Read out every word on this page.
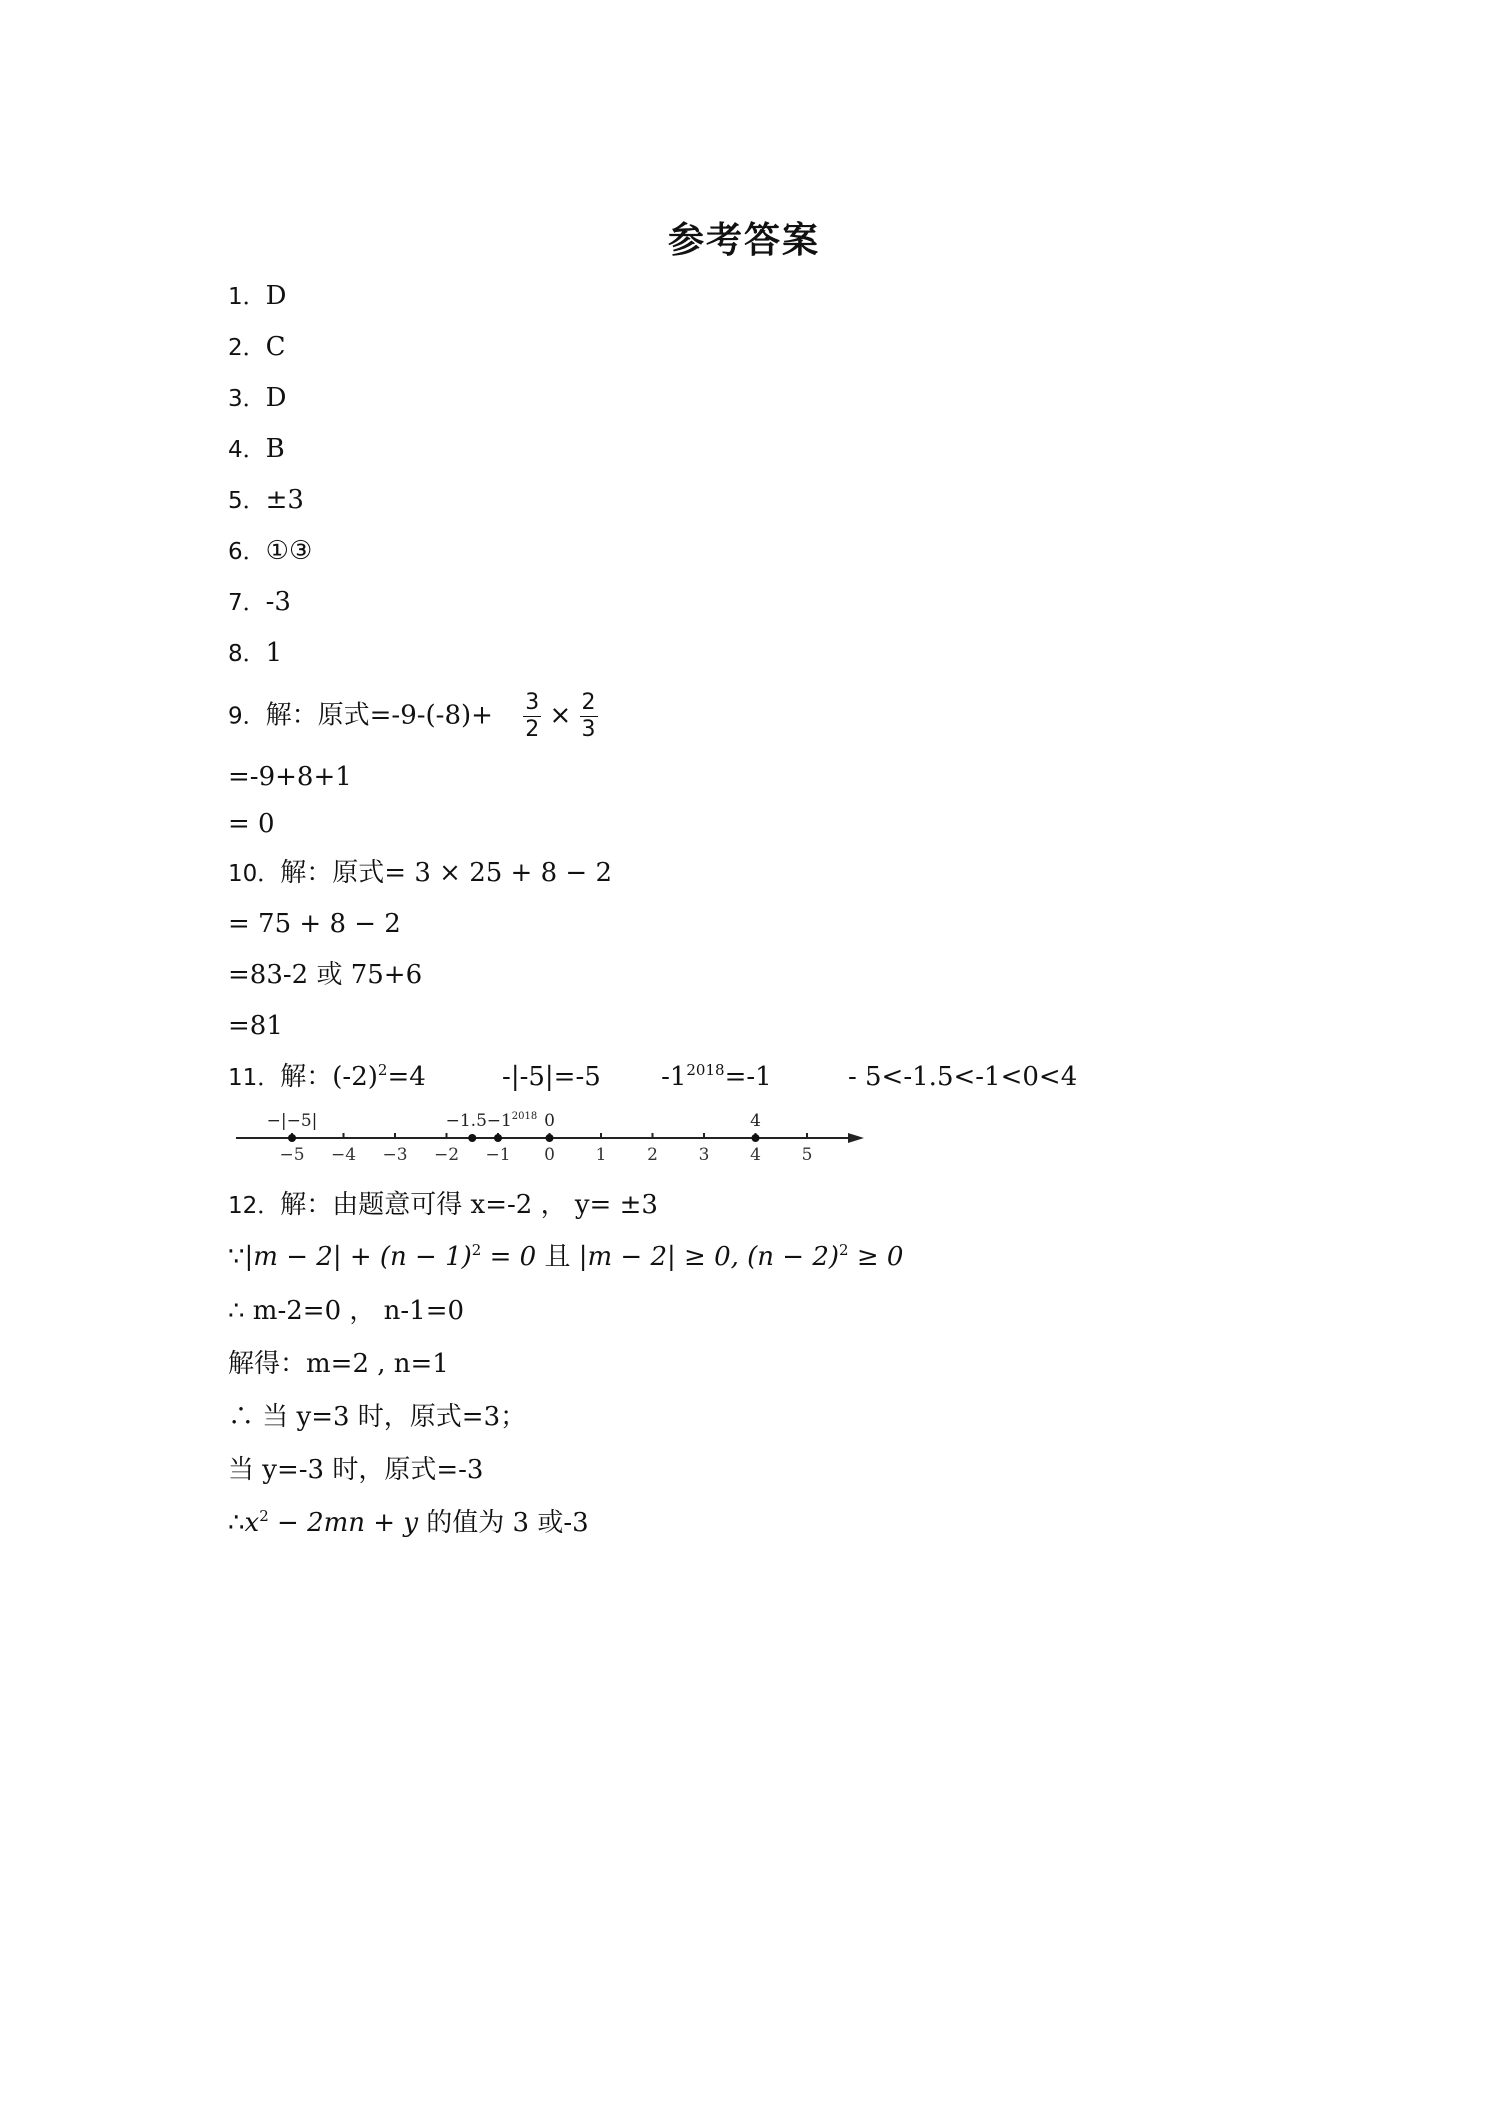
参考答案
1．D
2．C
3．D
4．B
5．±3
6．①③
7．-3
8．1
9．解：原式$=-9-(-8)+ \frac{3}{2} \times \frac{2}{3}$
=-9+8+1
= 0
10．解：原式= 3 × 25 + 8 − 2
= 75 + 8 − 2
=83-2 或 75+6
=81
11．解：$(-2)^2=4$	-|-5|=-5 $-1^{2018}=-1$	- 5<-1.5<-1<0<4
−5 −4 −3 −2 −1 0 1 2 3 4 5
−|−5|	$-1.5 -1^{2018}$ 0	4
12．解：由题意可得 x=-2 ， y= ±3
∵|m − $2| + (n - 1)^2 = 0$ 且 |m − 2| ≥ 0, $(n - 2)^2 \ge 0$
∴ m-2=0 ， n-1=0
解得：m=2 , n=1
∴ 当 y=3 时，原式=3；
当 y=-3 时，原式=-3
$\therefore x^2 - 2mn + y$ 的值为 3 或-3
